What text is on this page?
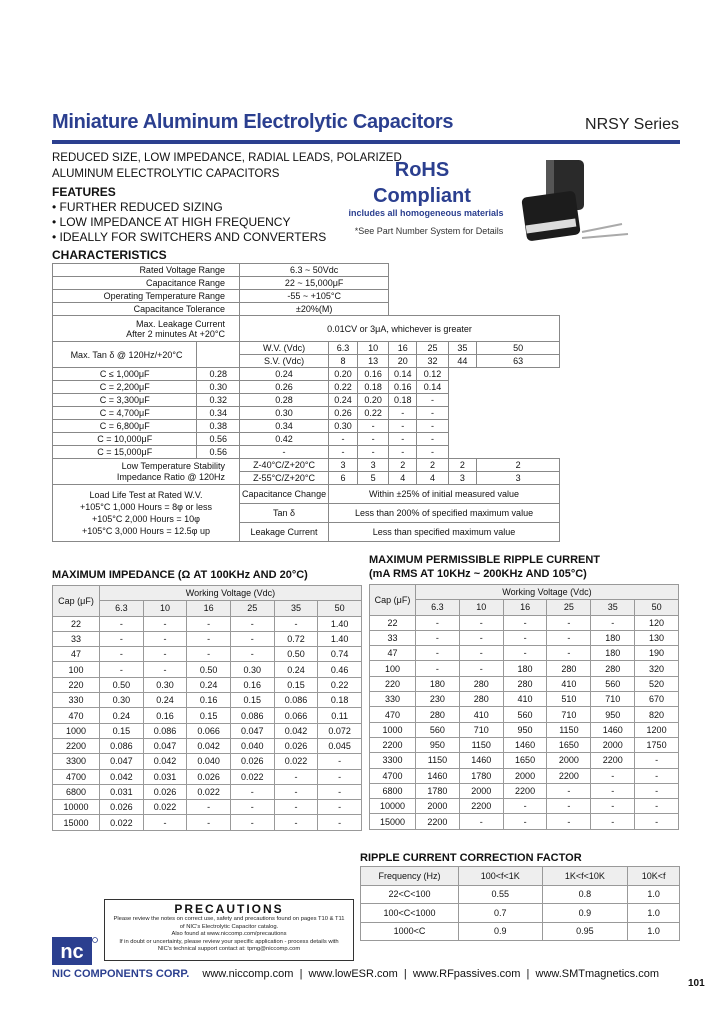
Miniature Aluminum Electrolytic Capacitors	NRSY Series
REDUCED SIZE, LOW IMPEDANCE, RADIAL LEADS, POLARIZED
ALUMINUM ELECTROLYTIC CAPACITORS
FEATURES
• FURTHER REDUCED SIZING
• LOW IMPEDANCE AT HIGH FREQUENCY
• IDEALLY FOR SWITCHERS AND CONVERTERS
RoHS
Compliant
includes all homogeneous materials
*See Part Number System for Details
CHARACTERISTICS
Rated Voltage Range		6.3 ~ 50Vdc						
Capacitance Range		22 ~ 15,000μF						
Operating Temperature Range		-55 ~ +105°C						
Capacitance Tolerance		±20%(M)						

Max. Leakage Current
After 2 minutes At +20°C		0.01CV or 3μA, whichever is greater						
Max. Tan δ @ 120Hz/+20°C		W.V. (Vdc)	6.3	10	16	25	35	50
		S.V. (Vdc)	8	13	20	32	44	63
C ≤ 1,000μF	0.28	0.24	0.20	0.16	0.14	0.12		
C = 2,200μF	0.30	0.26	0.22	0.18	0.16	0.14		
C = 3,300μF	0.32	0.28	0.24	0.20	0.18	-		
C = 4,700μF	0.34	0.30	0.26	0.22	-	-		
C = 6,800μF	0.38	0.34	0.30	-	-	-		
C = 10,000μF	0.56	0.42	-	-	-	-		
C = 15,000μF	0.56	-	-	-	-	-		

Low Temperature Stability
Impedance Ratio @ 120Hz		Z-40°C/Z+20°C	3	3	2	2	2	2
		Z-55°C/Z+20°C	6	5	4	4	3	3

Load Life Test at Rated W.V.
+105°C 1,000 Hours = 8φ or less
+105°C 2,000 Hours = 10φ
+105°C 3,000 Hours = 12.5φ up		Capacitance Change	Within ±25% of initial measured value					
		Tan δ	Less than 200% of specified maximum value					
		Leakage Current	Less than specified maximum value					
MAXIMUM IMPEDANCE (Ω AT 100KHz AND 20°C)
Cap (μF)	Working Voltage (Vdc)					
	6.3	10	16	25	35	50
22	-	-	-	-	-	1.40
33	-	-	-	-	0.72	1.40
47	-	-	-	-	0.50	0.74
100	-	-	0.50	0.30	0.24	0.46
220	0.50	0.30	0.24	0.16	0.15	0.22
330	0.30	0.24	0.16	0.15	0.086	0.18
470	0.24	0.16	0.15	0.086	0.066	0.11
1000	0.15	0.086	0.066	0.047	0.042	0.072
2200	0.086	0.047	0.042	0.040	0.026	0.045
3300	0.047	0.042	0.040	0.026	0.022	-
4700	0.042	0.031	0.026	0.022	-	-
6800	0.031	0.026	0.022	-	-	-
10000	0.026	0.022	-	-	-	-
15000	0.022	-	-	-	-	-
MAXIMUM PERMISSIBLE RIPPLE CURRENT
(mA RMS AT 10KHz ~ 200KHz AND 105°C)
Cap (μF)	Working Voltage (Vdc)					
	6.3	10	16	25	35	50
22	-	-	-	-	-	120
33	-	-	-	-	180	130
47	-	-	-	-	180	190
100	-	-	180	280	280	320
220	180	280	280	410	560	520
330	230	280	410	510	710	670
470	280	410	560	710	950	820
1000	560	710	950	1150	1460	1200
2200	950	1150	1460	1650	2000	1750
3300	1150	1460	1650	2000	2200	-
4700	1460	1780	2000	2200	-	-
6800	1780	2000	2200	-	-	-
10000	2000	2200	-	-	-	-
15000	2200	-	-	-	-	-
RIPPLE CURRENT CORRECTION FACTOR
Frequency (Hz)	100<f<1K	1K<f<10K	10K<f
22<C<100	0.55	0.8	1.0
100<C<1000	0.7	0.9	1.0
1000<C	0.9	0.95	1.0
PRECAUTIONS

Please review the notes on correct use, safety and precautions found on pages T10 & T11

of NIC's Electrolytic Capacitor catalog.

Also found at www.niccomp.com/precautions

If in doubt or uncertainty, please review your specific application - process details with

NIC's technical support contact at: tpmg@niccomp.com

nc
NIC COMPONENTS CORP. www.niccomp.com  |  www.lowESR.com  |  www.RFpassives.com  |  www.SMTmagnetics.com
101
